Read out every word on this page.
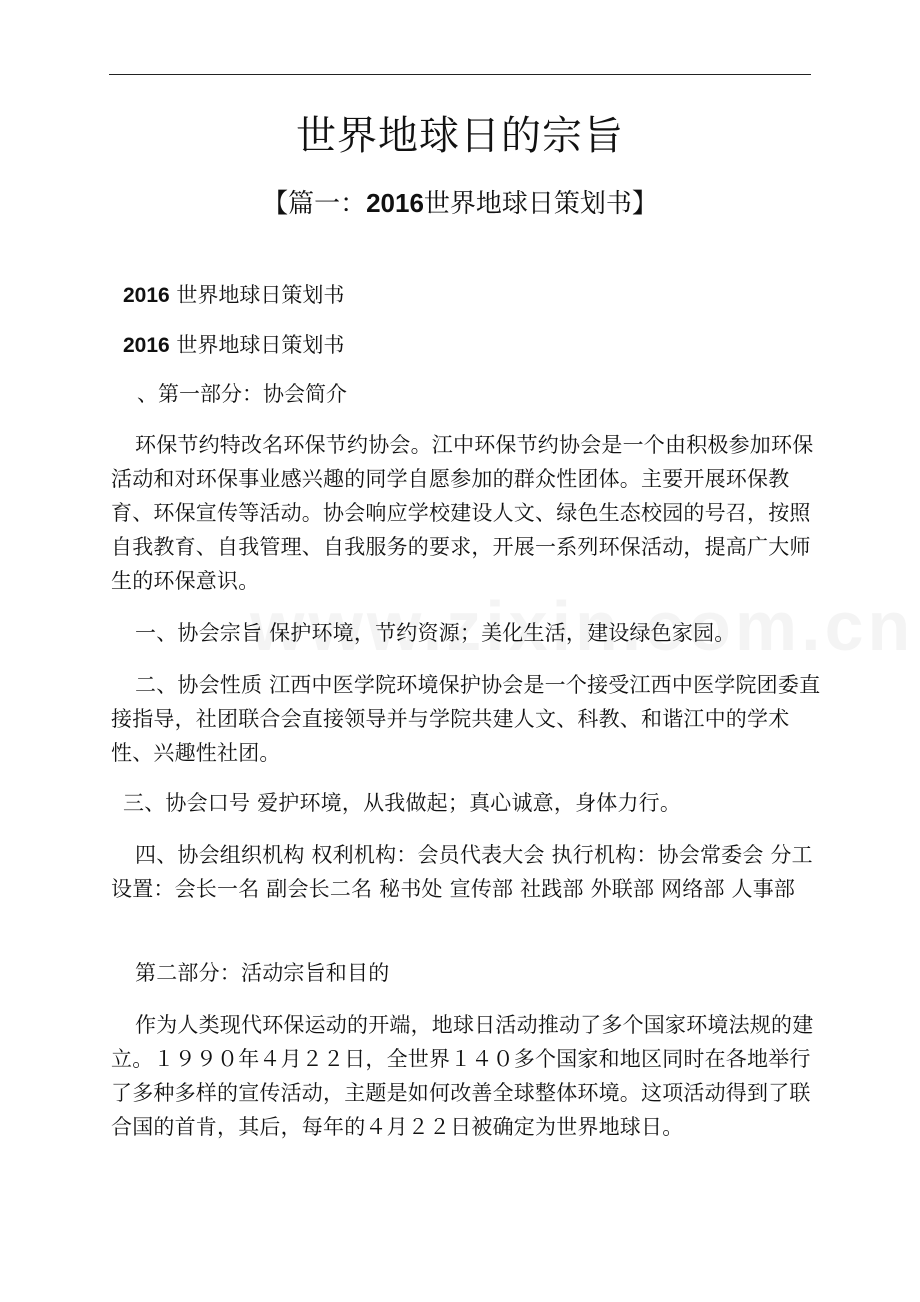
世界地球日的宗旨
【篇一：2016世界地球日策划书】
2016 世界地球日策划书
2016 世界地球日策划书
、第一部分：协会简介
环保节约特改名环保节约协会。江中环保节约协会是一个由积极参加环保活动和对环保事业感兴趣的同学自愿参加的群众性团体。主要开展环保教育、环保宣传等活动。协会响应学校建设人文、绿色生态校园的号召，按照自我教育、自我管理、自我服务的要求，开展一系列环保活动，提高广大师生的环保意识。
一、协会宗旨 保护环境，节约资源；美化生活，建设绿色家园。
二、协会性质 江西中医学院环境保护协会是一个接受江西中医学院团委直接指导，社团联合会直接领导并与学院共建人文、科教、和谐江中的学术性、兴趣性社团。
三、协会口号 爱护环境，从我做起；真心诚意，身体力行。
四、协会组织机构 权利机构：会员代表大会 执行机构：协会常委会 分工设置：会长一名 副会长二名 秘书处 宣传部 社践部 外联部 网络部 人事部
第二部分：活动宗旨和目的
作为人类现代环保运动的开端，地球日活动推动了多个国家环境法规的建立。１９９０年４月２２日，全世界１４０多个国家和地区同时在各地举行了多种多样的宣传活动，主题是如何改善全球整体环境。这项活动得到了联合国的首肯，其后，每年的４月２２日被确定为世界地球日。
